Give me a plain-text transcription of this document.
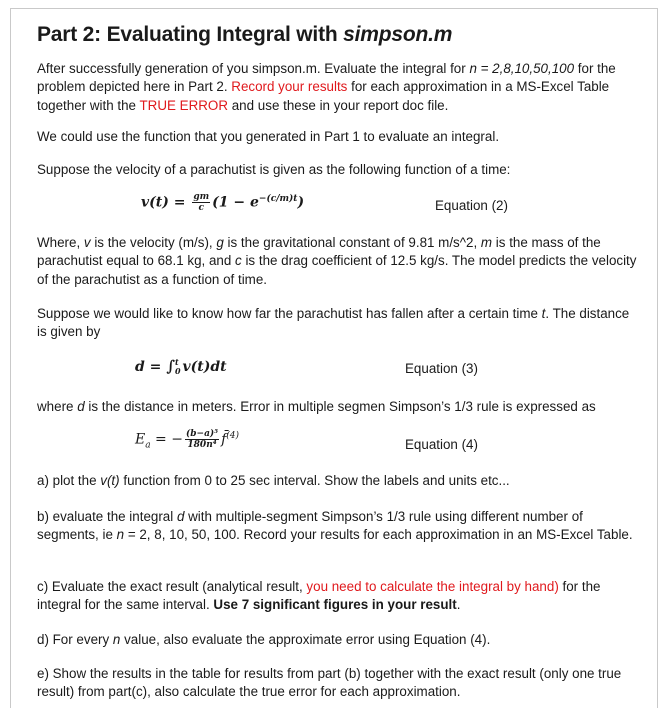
Part 2: Evaluating Integral with simpson.m

After successfully generation of you simpson.m. Evaluate the integral for n = 2,8,10,50,100 for the problem depicted here in Part 2. Record your results for each approximation in a MS-Excel Table together with the TRUE ERROR and use these in your report doc file.

We could use the function that you generated in Part 1 to evaluate an integral.

Suppose the velocity of a parachutist is given as the following function of a time:

$v(t) = \frac{gm}{c} (1 - e^{-(c/m)t})$	Equation (2)

Where, v is the velocity (m/s), g is the gravitational constant of 9.81 m/s^2, m is the mass of the parachutist equal to 68.1 kg, and c is the drag coefficient of 12.5 kg/s. The model predicts the velocity of the parachutist as a function of time.

Suppose we would like to know how far the parachutist has fallen after a certain time t. The distance is given by

d = ∫ t
0 v(t)dt	Equation (3)

where d is the distance in meters. Error in multiple segmen Simpson’s 1/3 rule is expressed as

$E_a$ = − $\frac{\text{(b−a)⁵}}{\text{180n⁴}}$ f̄$^{(4)}$
Equation (4)

a) plot the v(t) function from 0 to 25 sec interval. Show the labels and units etc...

b) evaluate the integral d with multiple-segment Simpson’s 1/3 rule using different number of segments, ie n = 2, 8, 10, 50, 100. Record your results for each approximation in an MS-Excel Table.

c) Evaluate the exact result (analytical result, you need to calculate the integral by hand) for the integral for the same interval. Use 7 significant figures in your result.

d) For every n value, also evaluate the approximate error using Equation (4).

e) Show the results in the table for results from part (b) together with the exact result (only one true result) from part(c), also calculate the true error for each approximation.
